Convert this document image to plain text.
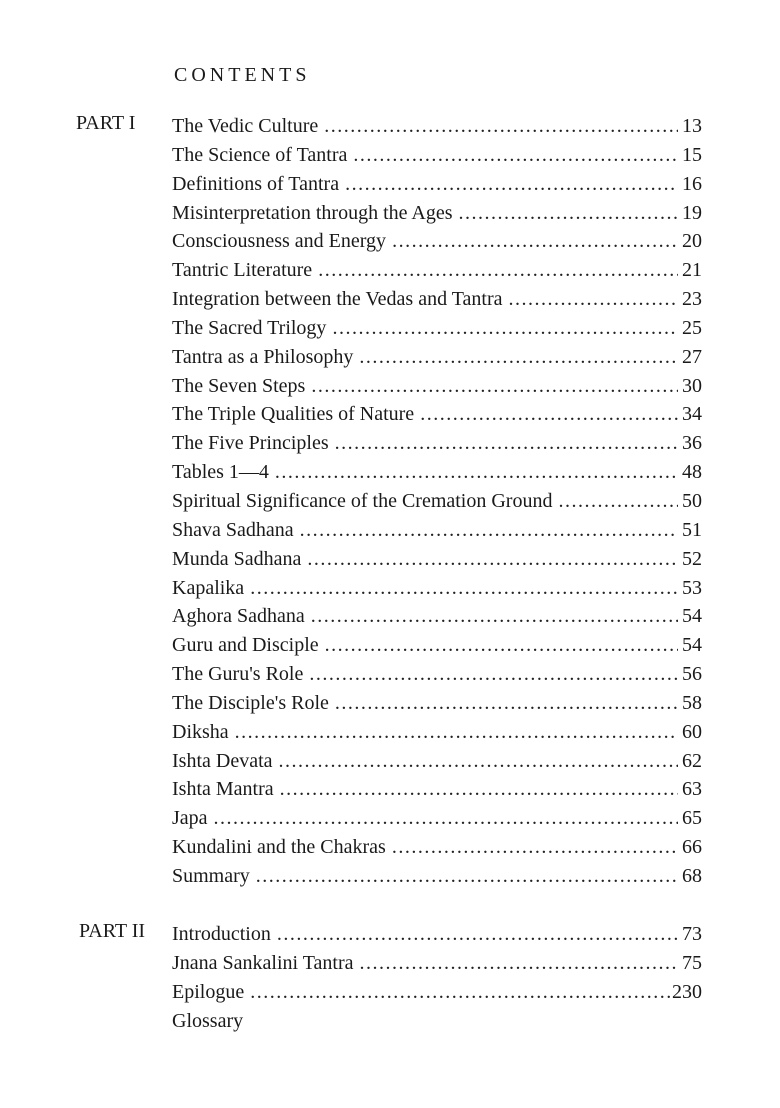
CONTENTS
PART I The Vedic Culture .....	13
The Science of Tantra .....	15
Definitions of Tantra .....	16
Misinterpretation through the Ages .....	19
Consciousness and Energy .....	20
Tantric Literature .....	21
Integration between the Vedas and Tantra .....	23
The Sacred Trilogy .....	25
Tantra as a Philosophy .....	27
The Seven Steps .....	30
The Triple Qualities of Nature .....	34
The Five Principles .....	36
Tables 1—4 .....	48
Spiritual Significance of the Cremation Ground .....	50
Shava Sadhana .....	51
Munda Sadhana .....	52
Kapalika .....	53
Aghora Sadhana .....	54
Guru and Disciple .....	54
The Guru's Role .....	56
The Disciple's Role .....	58
Diksha .....	60
Ishta Devata .....	62
Ishta Mantra .....	63
Japa .....	65
Kundalini and the Chakras .....	66
Summary .....	68
PART II Introduction .....	73
Jnana Sankalini Tantra .....	75
Epilogue .....	230
Glossary
